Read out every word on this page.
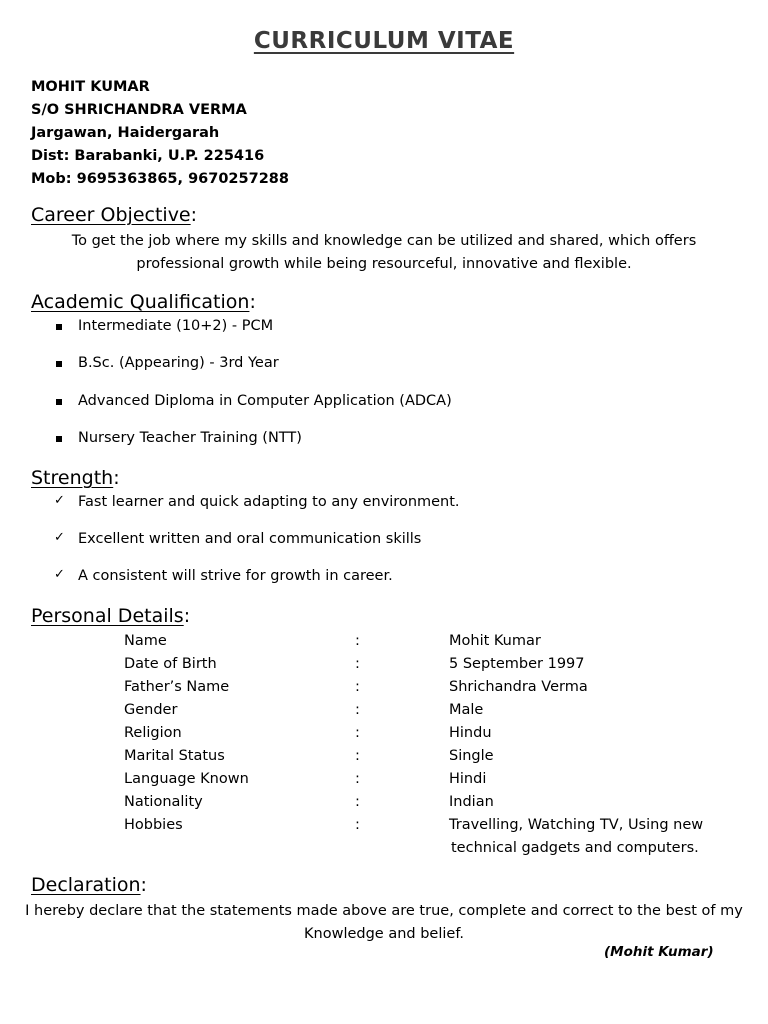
CURRICULUM VITAE
MOHIT KUMAR
S/O SHRICHANDRA VERMA
Jargawan, Haidergarah
Dist: Barabanki, U.P. 225416
Mob: 9695363865, 9670257288
Career Objective:
To get the job where my skills and knowledge can be utilized and shared, which offers
professional growth while being resourceful, innovative and flexible.
Academic Qualification:
Intermediate (10+2) - PCM
B.Sc. (Appearing) - 3rd Year
Advanced Diploma in Computer Application (ADCA)
Nursery Teacher Training (NTT)
Strength:
✓ Fast learner and quick adapting to any environment.
✓ Excellent written and oral communication skills
✓ A consistent will strive for growth in career.
Personal Details:
Name
Date of Birth
Father’s Name
Gender
Religion
Marital Status
Language Known
Nationality
Hobbies
:
:
:
:
:
:
:
:
:
Mohit Kumar
5 September 1997
Shrichandra Verma
Male
Hindu
Single
Hindi
Indian
Travelling, Watching TV, Using new
technical gadgets and computers.
Declaration:
I hereby declare that the statements made above are true, complete and correct to the best of my
Knowledge and belief.
(Mohit Kumar)
